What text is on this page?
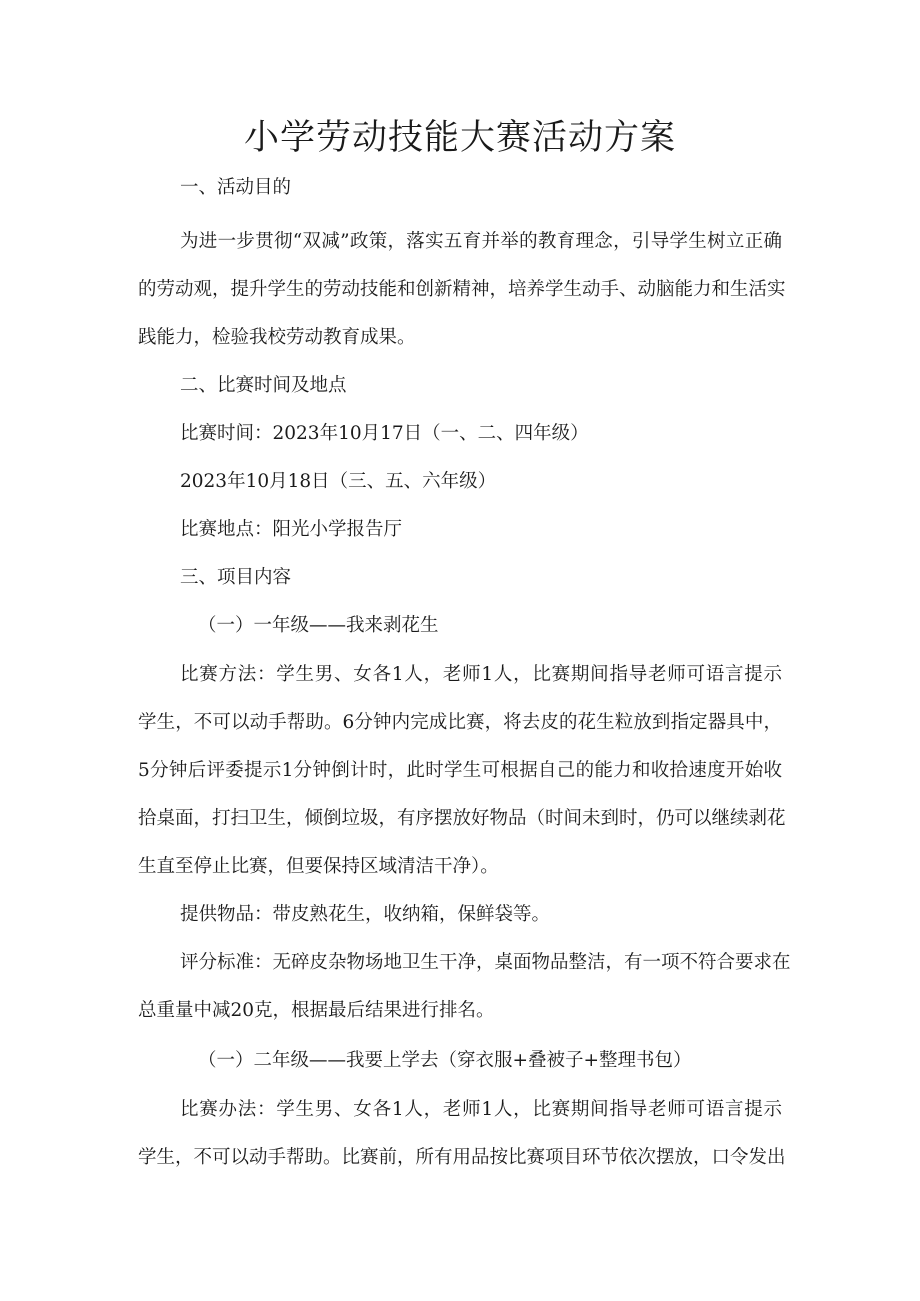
小学劳动技能大赛活动方案

一、活动目的

为进一步贯彻“双减”政策，落实五育并举的教育理念，引导学生树立正确

的劳动观，提升学生的劳动技能和创新精神，培养学生动手、动脑能力和生活实

践能力，检验我校劳动教育成果。

二、比赛时间及地点

比赛时间：2023年10月17日（一、二、四年级）

2023年10月18日（三、五、六年级）

比赛地点：阳光小学报告厅

三、项目内容

（一）一年级——我来剥花生

比赛方法：学生男、女各1人，老师1人，比赛期间指导老师可语言提示

学生，不可以动手帮助。6分钟内完成比赛，将去皮的花生粒放到指定器具中，

5分钟后评委提示1分钟倒计时，此时学生可根据自己的能力和收拾速度开始收

拾桌面，打扫卫生，倾倒垃圾，有序摆放好物品（时间未到时，仍可以继续剥花

生直至停止比赛，但要保持区域清洁干净）。

提供物品：带皮熟花生，收纳箱，保鲜袋等。

评分标准：无碎皮杂物场地卫生干净，桌面物品整洁，有一项不符合要求在

总重量中减20克，根据最后结果进行排名。

（一）二年级——我要上学去（穿衣服+叠被子+整理书包）

比赛办法：学生男、女各1人，老师1人，比赛期间指导老师可语言提示

学生，不可以动手帮助。比赛前，所有用品按比赛项目环节依次摆放，口令发出
